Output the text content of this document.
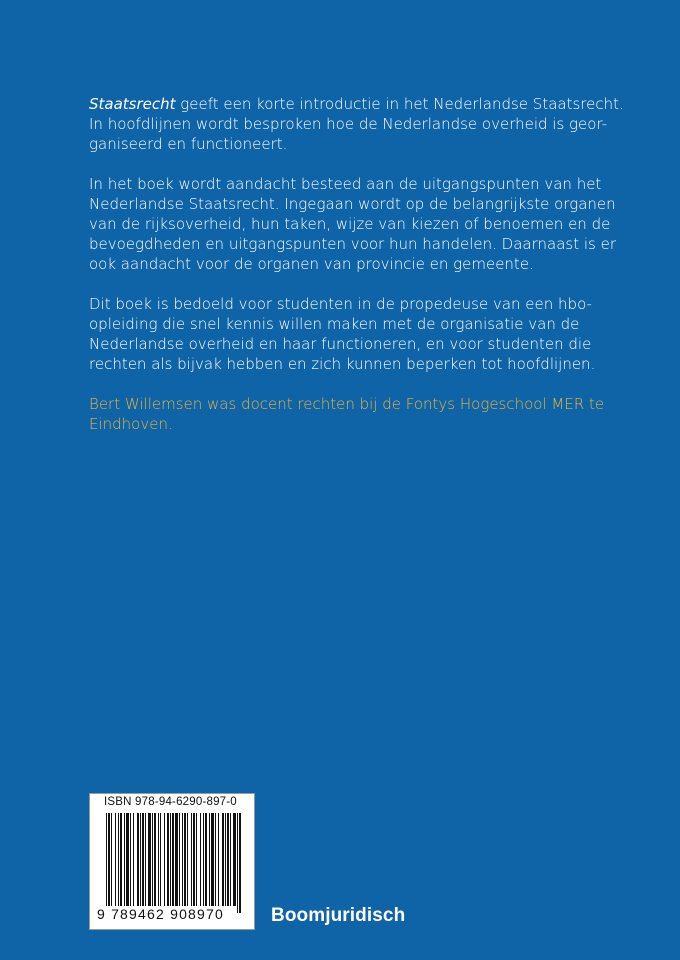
Staatsrecht geeft een korte introductie in het Nederlandse Staatsrecht.
In hoofdlijnen wordt besproken hoe de Nederlandse overheid is geor-
ganiseerd en functioneert.

In het boek wordt aandacht besteed aan de uitgangspunten van het
Nederlandse Staatsrecht. Ingegaan wordt op de belangrijkste organen
van de rijksoverheid, hun taken, wijze van kiezen of benoemen en de
bevoegdheden en uitgangspunten voor hun handelen. Daarnaast is er
ook aandacht voor de organen van provincie en gemeente.

Dit boek is bedoeld voor studenten in de propedeuse van een hbo-
opleiding die snel kennis willen maken met de organisatie van de
Nederlandse overheid en haar functioneren, en voor studenten die
rechten als bijvak hebben en zich kunnen beperken tot hoofdlijnen.

Bert Willemsen was docent rechten bij de Fontys Hogeschool MER te
Eindhoven.

ISBN 978-94-6290-897-0
9 789462 908970 Boomjuridisch
